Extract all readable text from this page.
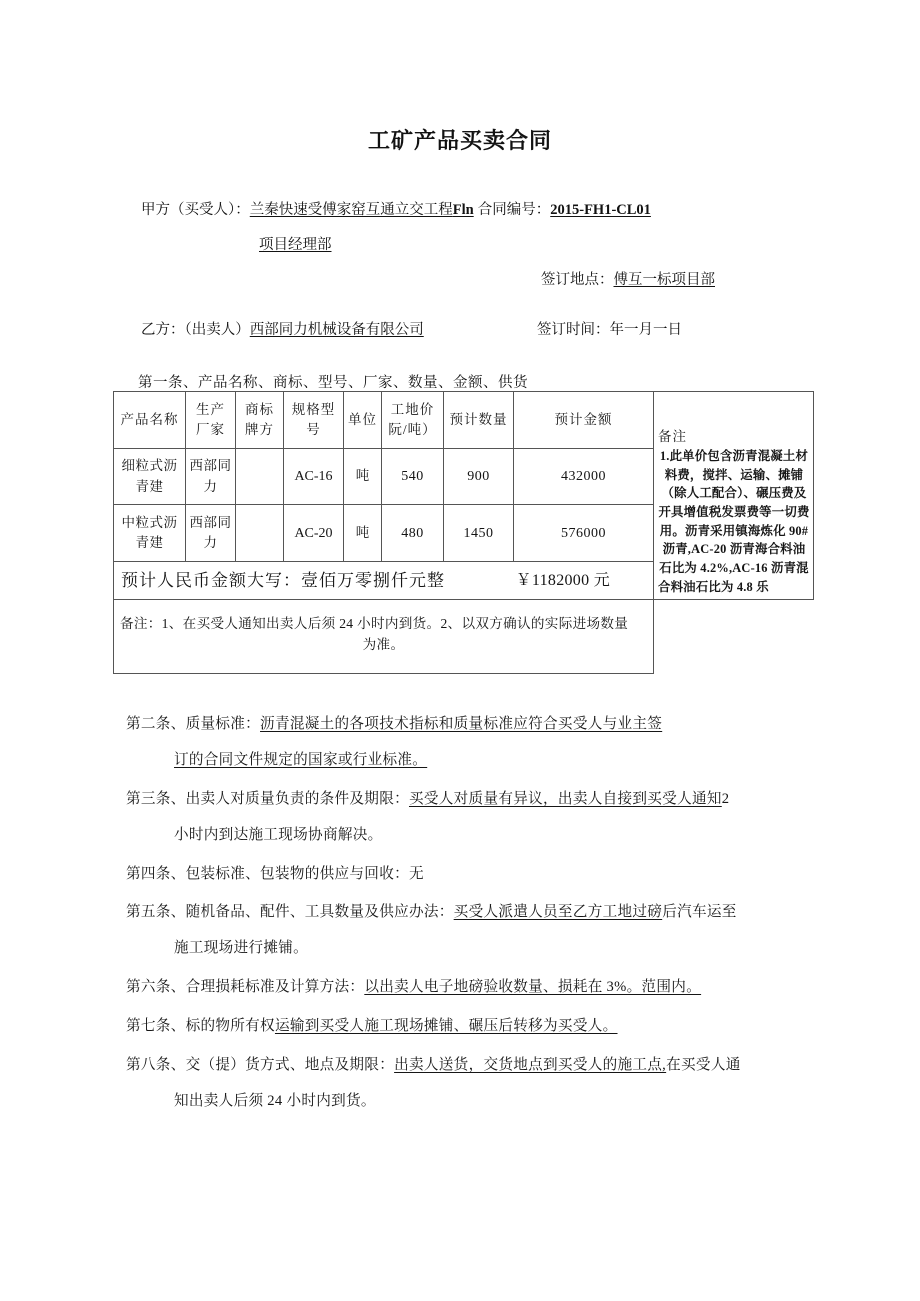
工矿产品买卖合同
甲方（买受人）：兰秦快速受傅家窑互通立交工程Fln 合同编号：2015-FH1-CL01
项目经理部
签订地点：傅互一标项目部
乙方：（出卖人）西部同力机械设备有限公司	签订时间：年一月一日
第一条、产品名称、商标、型号、厂家、数量、金额、供货
产品名称	生产厂家	商标牌方	规格型号	单位	工地价阮/吨）	预计数量	预计金额	备注
1.此单价包含沥青混凝土材料费，搅拌、运输、摊铺（除人工配合）、碾压费及开具增值税发票费等一切费用。沥青采用镇海炼化 90#沥青,AC-20 沥青海合料油石比为 4.2%,AC-16 沥青混合料油石比为 4.8 乐

细粒式沥青建	西部同力		AC-16	吨	540	900	432000	
中粒式沥青建	西部同力		AC-20	吨	480	1450	576000	

预计人民币金额大写：壹佰万零捌仟元整 ￥1182000 元								

备注：1、在买受人通知出卖人后须 24 小时内到货。2、以双方确认的实际进场数量
为准。								

第二条、质量标准：沥青混凝土的各项技术指标和质量标准应符合买受人与业主签
订的合同文件规定的国家或行业标准。
第三条、出卖人对质量负责的条件及期限：买受人对质量有异议，出卖人自接到买受人通知2
小时内到达施工现场协商解决。
第四条、包装标准、包装物的供应与回收：无
第五条、随机备品、配件、工具数量及供应办法：买受人派遣人员至乙方工地过磅后汽车运至
施工现场进行摊铺。
第六条、合理损耗标准及计算方法：以出卖人电子地磅验收数量、损耗在 3%。范围内。
第七条、标的物所有权运输到买受人施工现场摊铺、碾压后转移为买受人。
第八条、交（提）货方式、地点及期限：出卖人送货，交货地点到买受人的施工点,在买受人通
知出卖人后须 24 小时内到货。
